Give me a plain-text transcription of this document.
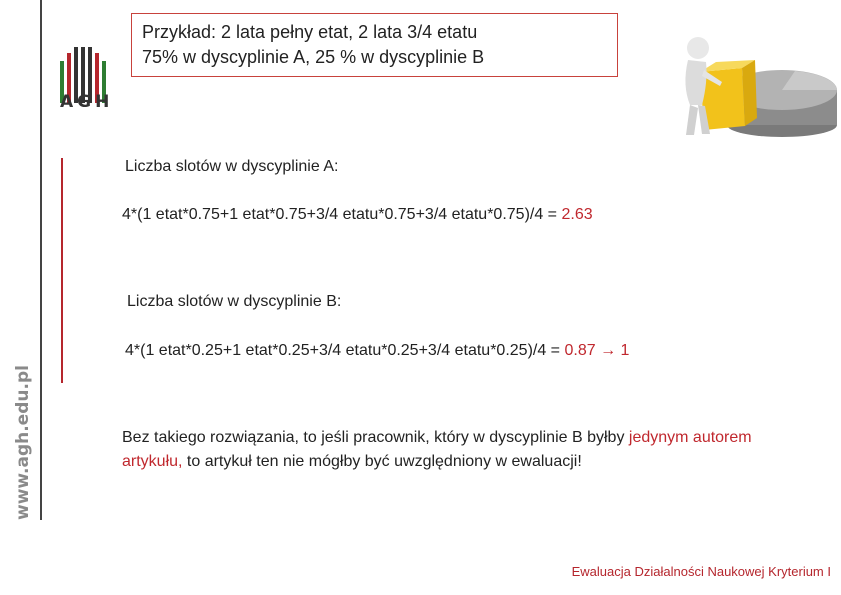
AGH
www.agh.edu.pl
Przykład: 2 lata pełny etat, 2 lata 3/4 etatu
75% w dyscyplinie A, 25 % w dyscyplinie B
Liczba slotów w dyscyplinie A:
4*(1 etat*0.75+1 etat*0.75+3/4 etatu*0.75+3/4 etatu*0.75)/4 = 2.63
Liczba slotów w dyscyplinie B:
4*(1 etat*0.25+1 etat*0.25+3/4 etatu*0.25+3/4 etatu*0.25)/4 = 0.87 → 1
Bez takiego rozwiązania, to jeśli pracownik, który w dyscyplinie B byłby jedynym autorem artykułu, to artykuł ten nie mógłby być uwzględniony w ewaluacji!
Ewaluacja Działalności Naukowej Kryterium I
